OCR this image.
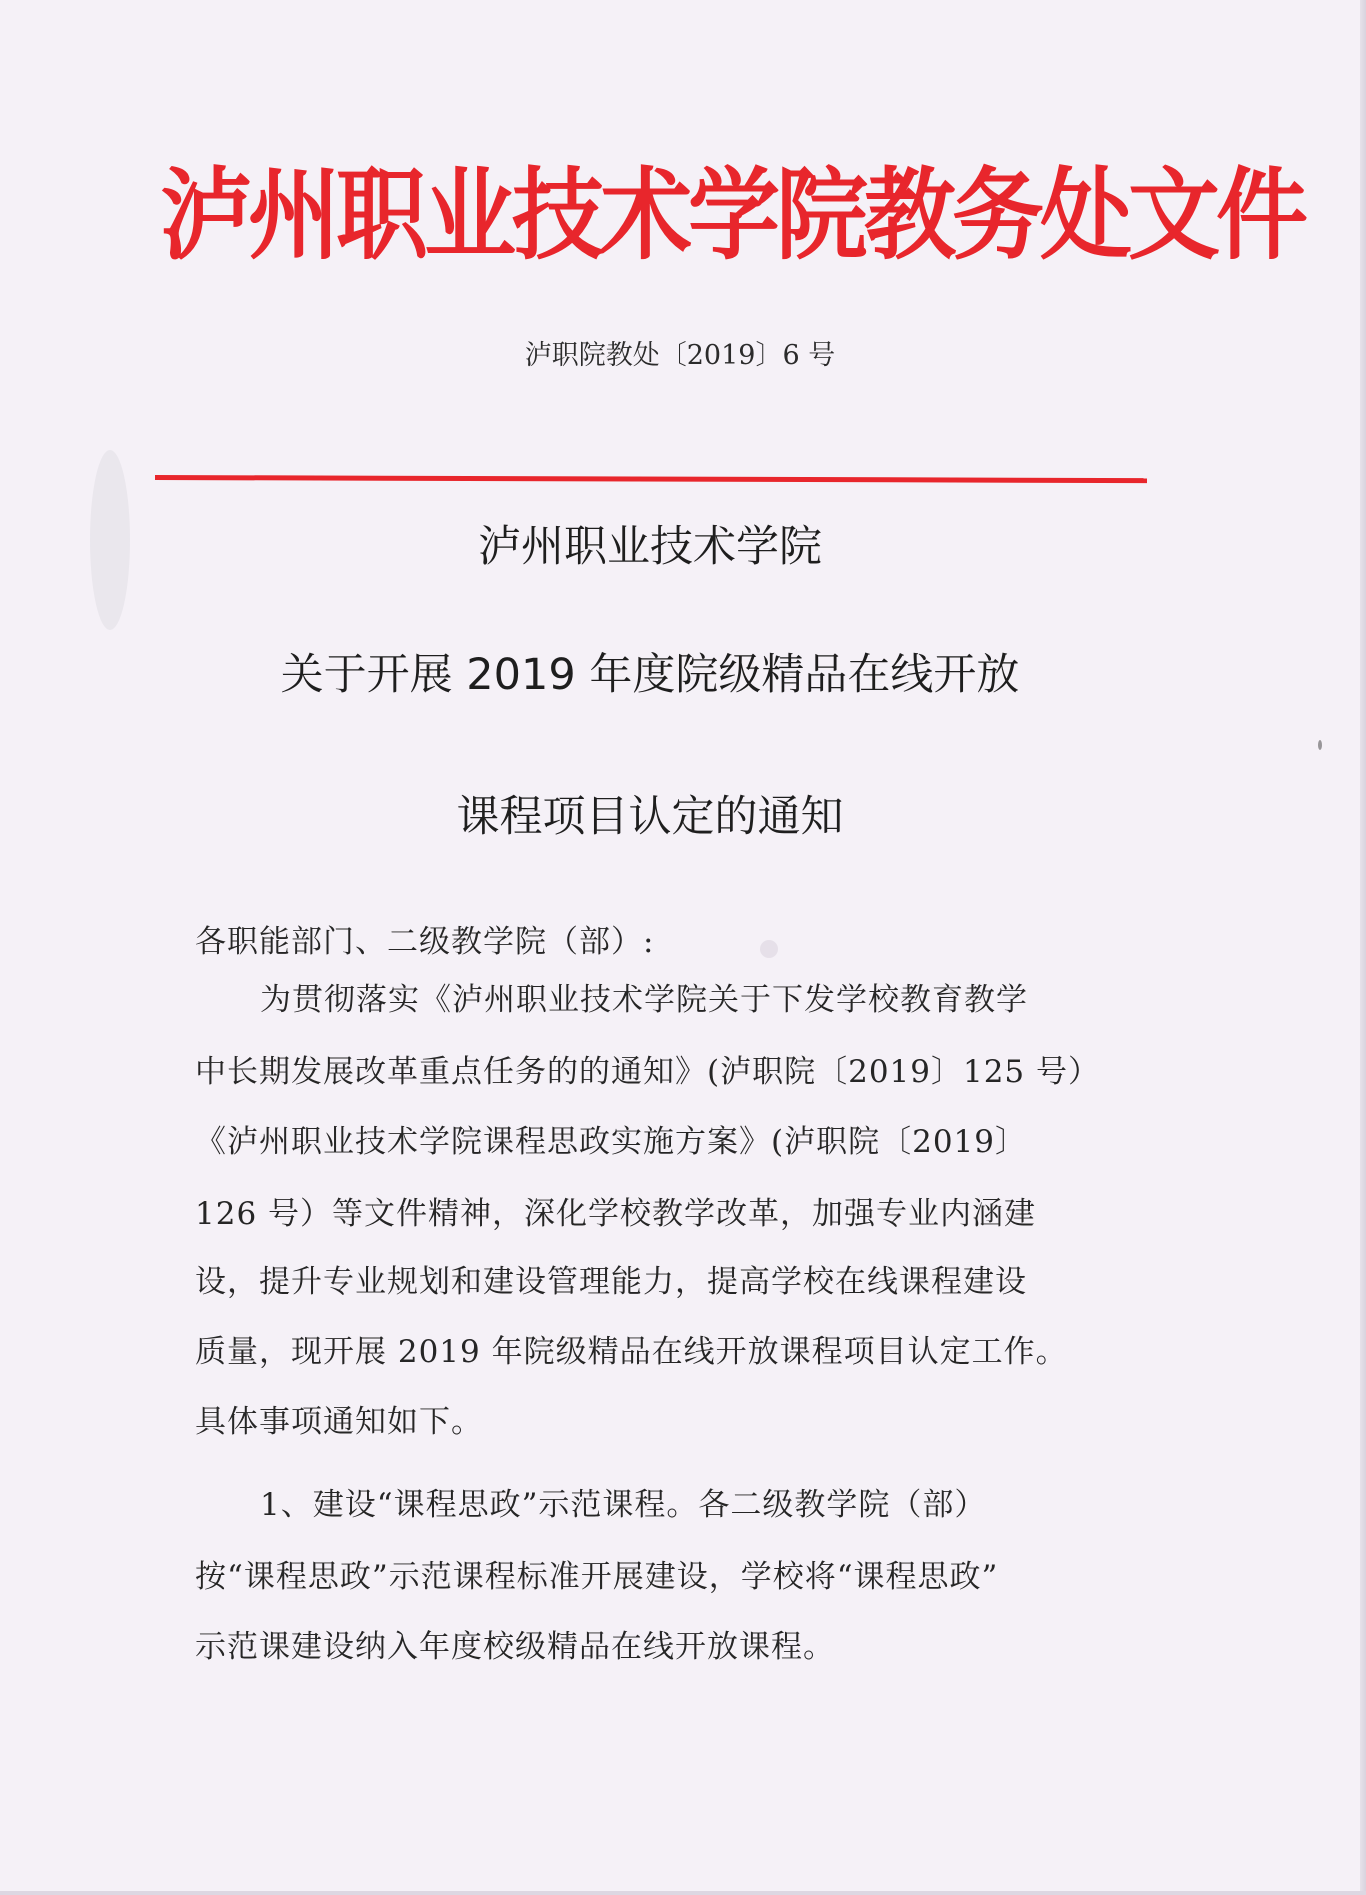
泸州职业技术学院教务处文件
泸职院教处〔2019〕6 号
泸州职业技术学院
关于开展 2019 年度院级精品在线开放
课程项目认定的通知
各职能部门、二级教学院（部）:
为贯彻落实《泸州职业技术学院关于下发学校教育教学
中长期发展改革重点任务的的通知》(泸职院〔2019〕125 号）
《泸州职业技术学院课程思政实施方案》(泸职院〔2019〕
126 号）等文件精神，深化学校教学改革，加强专业内涵建
设，提升专业规划和建设管理能力，提高学校在线课程建设
质量，现开展 2019 年院级精品在线开放课程项目认定工作。
具体事项通知如下。
1、建设“课程思政”示范课程。各二级教学院（部）
按“课程思政”示范课程标准开展建设，学校将“课程思政”
示范课建设纳入年度校级精品在线开放课程。
